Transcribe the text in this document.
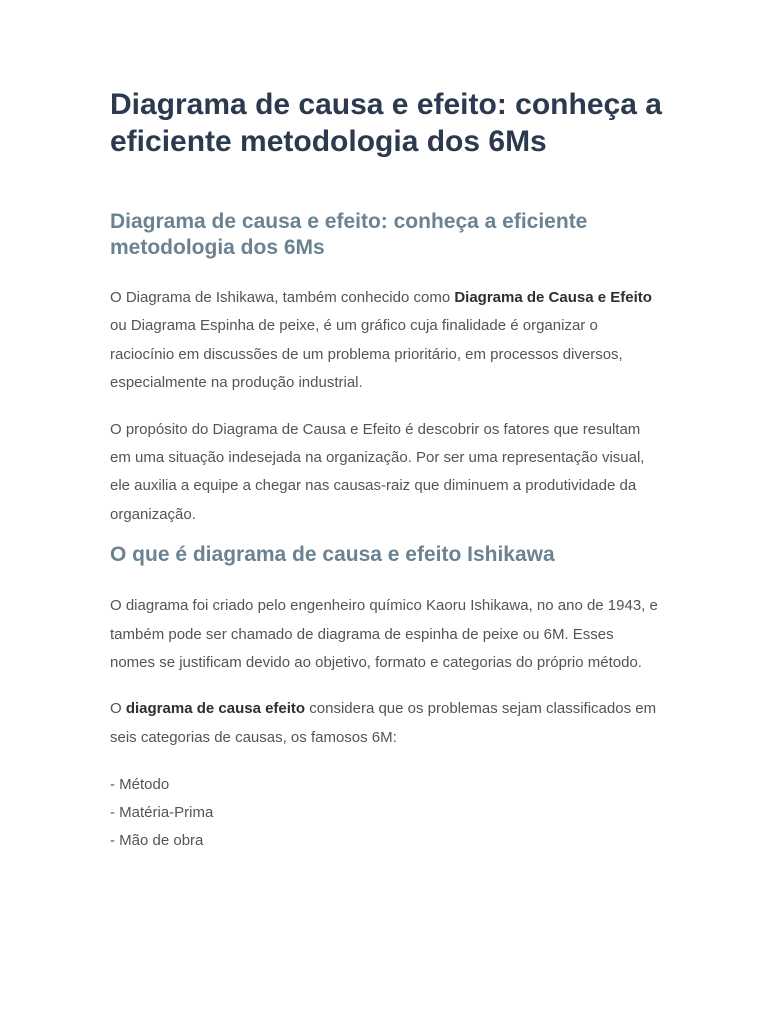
Diagrama de causa e efeito: conheça a eficiente metodologia dos 6Ms
Diagrama de causa e efeito: conheça a eficiente metodologia dos 6Ms

O Diagrama de Ishikawa, também conhecido como Diagrama de Causa e Efeito ou Diagrama Espinha de peixe, é um gráfico cuja finalidade é organizar o raciocínio em discussões de um problema prioritário, em processos diversos, especialmente na produção industrial.

O propósito do Diagrama de Causa e Efeito é descobrir os fatores que resultam em uma situação indesejada na organização. Por ser uma representação visual, ele auxilia a equipe a chegar nas causas-raiz que diminuem a produtividade da organização.

O que é diagrama de causa e efeito Ishikawa

O diagrama foi criado pelo engenheiro químico Kaoru Ishikawa, no ano de 1943, e também pode ser chamado de diagrama de espinha de peixe ou 6M. Esses nomes se justificam devido ao objetivo, formato e categorias do próprio método.

O diagrama de causa efeito considera que os problemas sejam classificados em seis categorias de causas, os famosos 6M:

- Método
- Matéria-Prima
- Mão de obra
